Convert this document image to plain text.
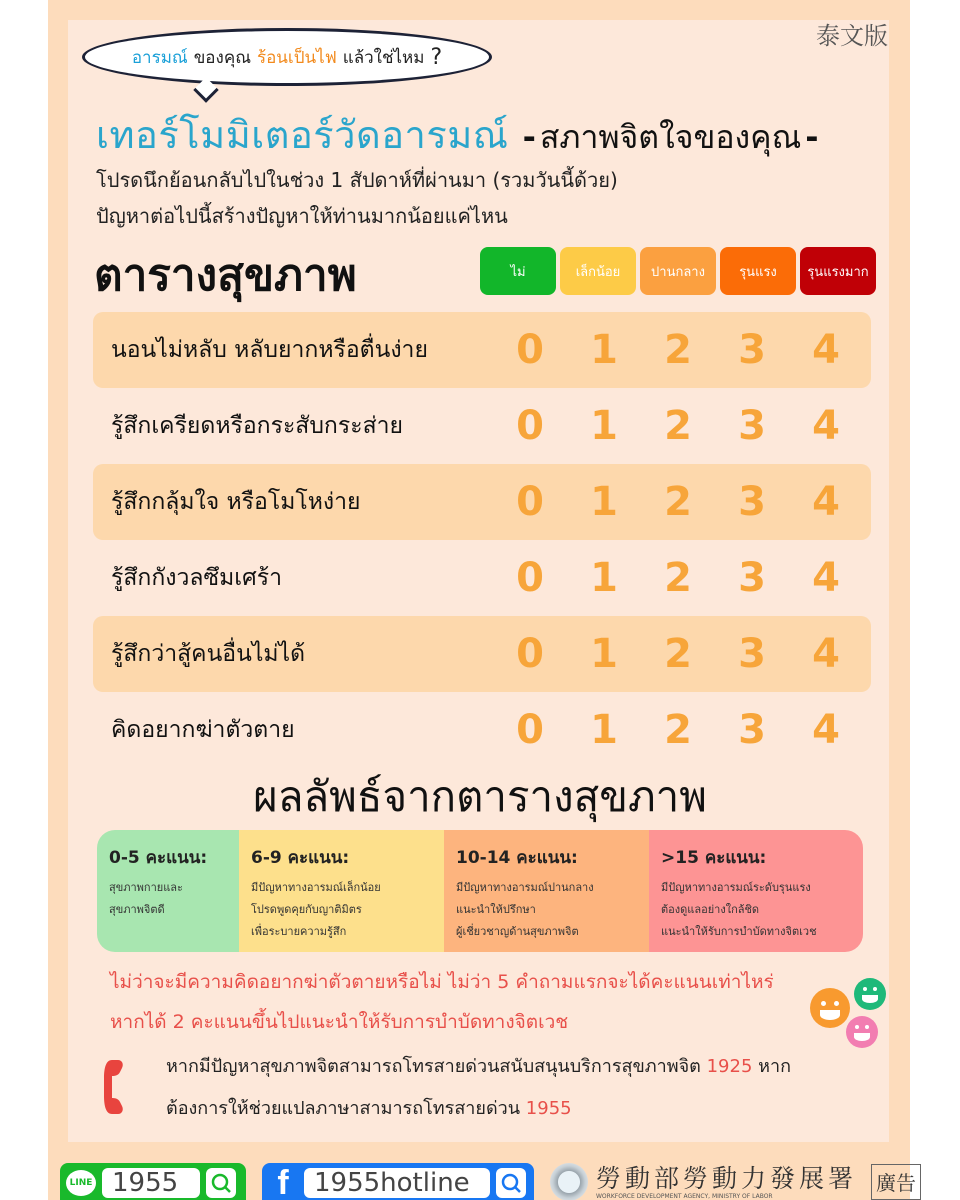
泰文版
อารมณ์ ของคุณ ร้อนเป็นไฟ แล้วใช่ไหม ?
เทอร์โมมิเตอร์วัดอารมณ์ - สภาพจิตใจของคุณ -
โปรดนึกย้อนกลับไปในช่วง 1 สัปดาห์ที่ผ่านมา (รวมวันนี้ด้วย)
ปัญหาต่อไปนี้สร้างปัญหาให้ท่านมากน้อยแค่ไหน
ตารางสุขภาพ	ไม่	เล็กน้อย	ปานกลาง	รุนแรง	รุนแรงมาก
นอนไม่หลับ หลับยากหรือตื่นง่าย	0	1	2	3	4
รู้สึกเครียดหรือกระสับกระส่าย	0	1	2	3	4
รู้สึกกลุ้มใจ หรือโมโหง่าย	0	1	2	3	4
รู้สึกกังวลซึมเศร้า	0	1	2	3	4
รู้สึกว่าสู้คนอื่นไม่ได้	0	1	2	3	4
คิดอยากฆ่าตัวตาย	0	1	2	3	4
ผลลัพธ์จากตารางสุขภาพ
0-5 คะแนน:
สุขภาพกายและ
สุขภาพจิตดี
6-9 คะแนน:
มีปัญหาทางอารมณ์เล็กน้อย
โปรดพูดคุยกับญาติมิตร
เพื่อระบายความรู้สึก
10-14 คะแนน:
มีปัญหาทางอารมณ์ปานกลาง
แนะนำให้ปรึกษา
ผู้เชี่ยวชาญด้านสุขภาพจิต
>15 คะแนน:
มีปัญหาทางอารมณ์ระดับรุนแรง
ต้องดูแลอย่างใกล้ชิด
แนะนำให้รับการบำบัดทางจิตเวช
ไม่ว่าจะมีความคิดอยากฆ่าตัวตายหรือไม่ ไม่ว่า 5 คำถามแรกจะได้คะแนนเท่าไหร่
หากได้ 2 คะแนนขึ้นไปแนะนำให้รับการบำบัดทางจิตเวช
หากมีปัญหาสุขภาพจิตสามารถโทรสายด่วนสนับสนุนบริการสุขภาพจิต 1925 หาก
ต้องการให้ช่วยแปลภาษาสามารถโทรสายด่วน 1955
LINE 1955	f 1955hotline	勞動部勞動力發展署
WORKFORCE DEVELOPMENT AGENCY, MINISTRY OF LABOR
廣告
